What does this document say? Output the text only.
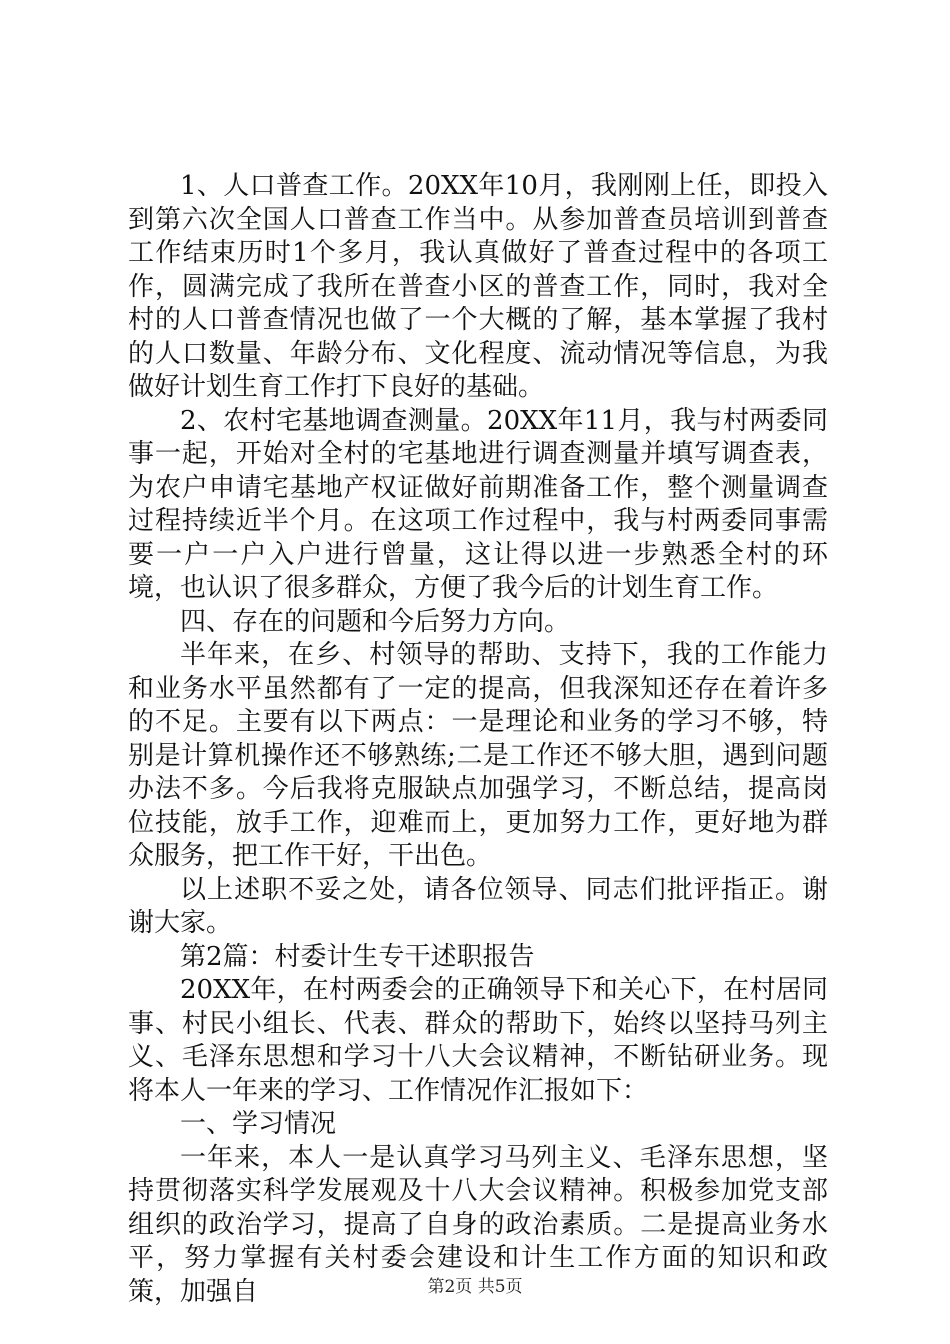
1、人口普查工作。20XX年10月，我刚刚上任，即投入到第六次全国人口普查工作当中。从参加普查员培训到普查工作结束历时1个多月，我认真做好了普查过程中的各项工作，圆满完成了我所在普查小区的普查工作，同时，我对全村的人口普查情况也做了一个大概的了解，基本掌握了我村的人口数量、年龄分布、文化程度、流动情况等信息，为我做好计划生育工作打下良好的基础。

2、农村宅基地调查测量。20XX年11月，我与村两委同事一起，开始对全村的宅基地进行调查测量并填写调查表，为农户申请宅基地产权证做好前期准备工作，整个测量调查过程持续近半个月。在这项工作过程中，我与村两委同事需要一户一户入户进行曾量，这让得以进一步熟悉全村的环境，也认识了很多群众，方便了我今后的计划生育工作。

四、存在的问题和今后努力方向。

半年来，在乡、村领导的帮助、支持下，我的工作能力和业务水平虽然都有了一定的提高，但我深知还存在着许多的不足。主要有以下两点：一是理论和业务的学习不够，特别是计算机操作还不够熟练;二是工作还不够大胆，遇到问题办法不多。今后我将克服缺点加强学习，不断总结，提高岗位技能，放手工作，迎难而上，更加努力工作，更好地为群众服务，把工作干好，干出色。

以上述职不妥之处，请各位领导、同志们批评指正。谢谢大家。

第2篇：村委计生专干述职报告

20XX年，在村两委会的正确领导下和关心下，在村居同事、村民小组长、代表、群众的帮助下，始终以坚持马列主义、毛泽东思想和学习十八大会议精神，不断钻研业务。现将本人一年来的学习、工作情况作汇报如下：

一、学习情况

一年来，本人一是认真学习马列主义、毛泽东思想，坚持贯彻落实科学发展观及十八大会议精神。积极参加党支部组织的政治学习，提高了自身的政治素质。二是提高业务水平，努力掌握有关村委会建设和计生工作方面的知识和政策，加强自	第2页 共5页
